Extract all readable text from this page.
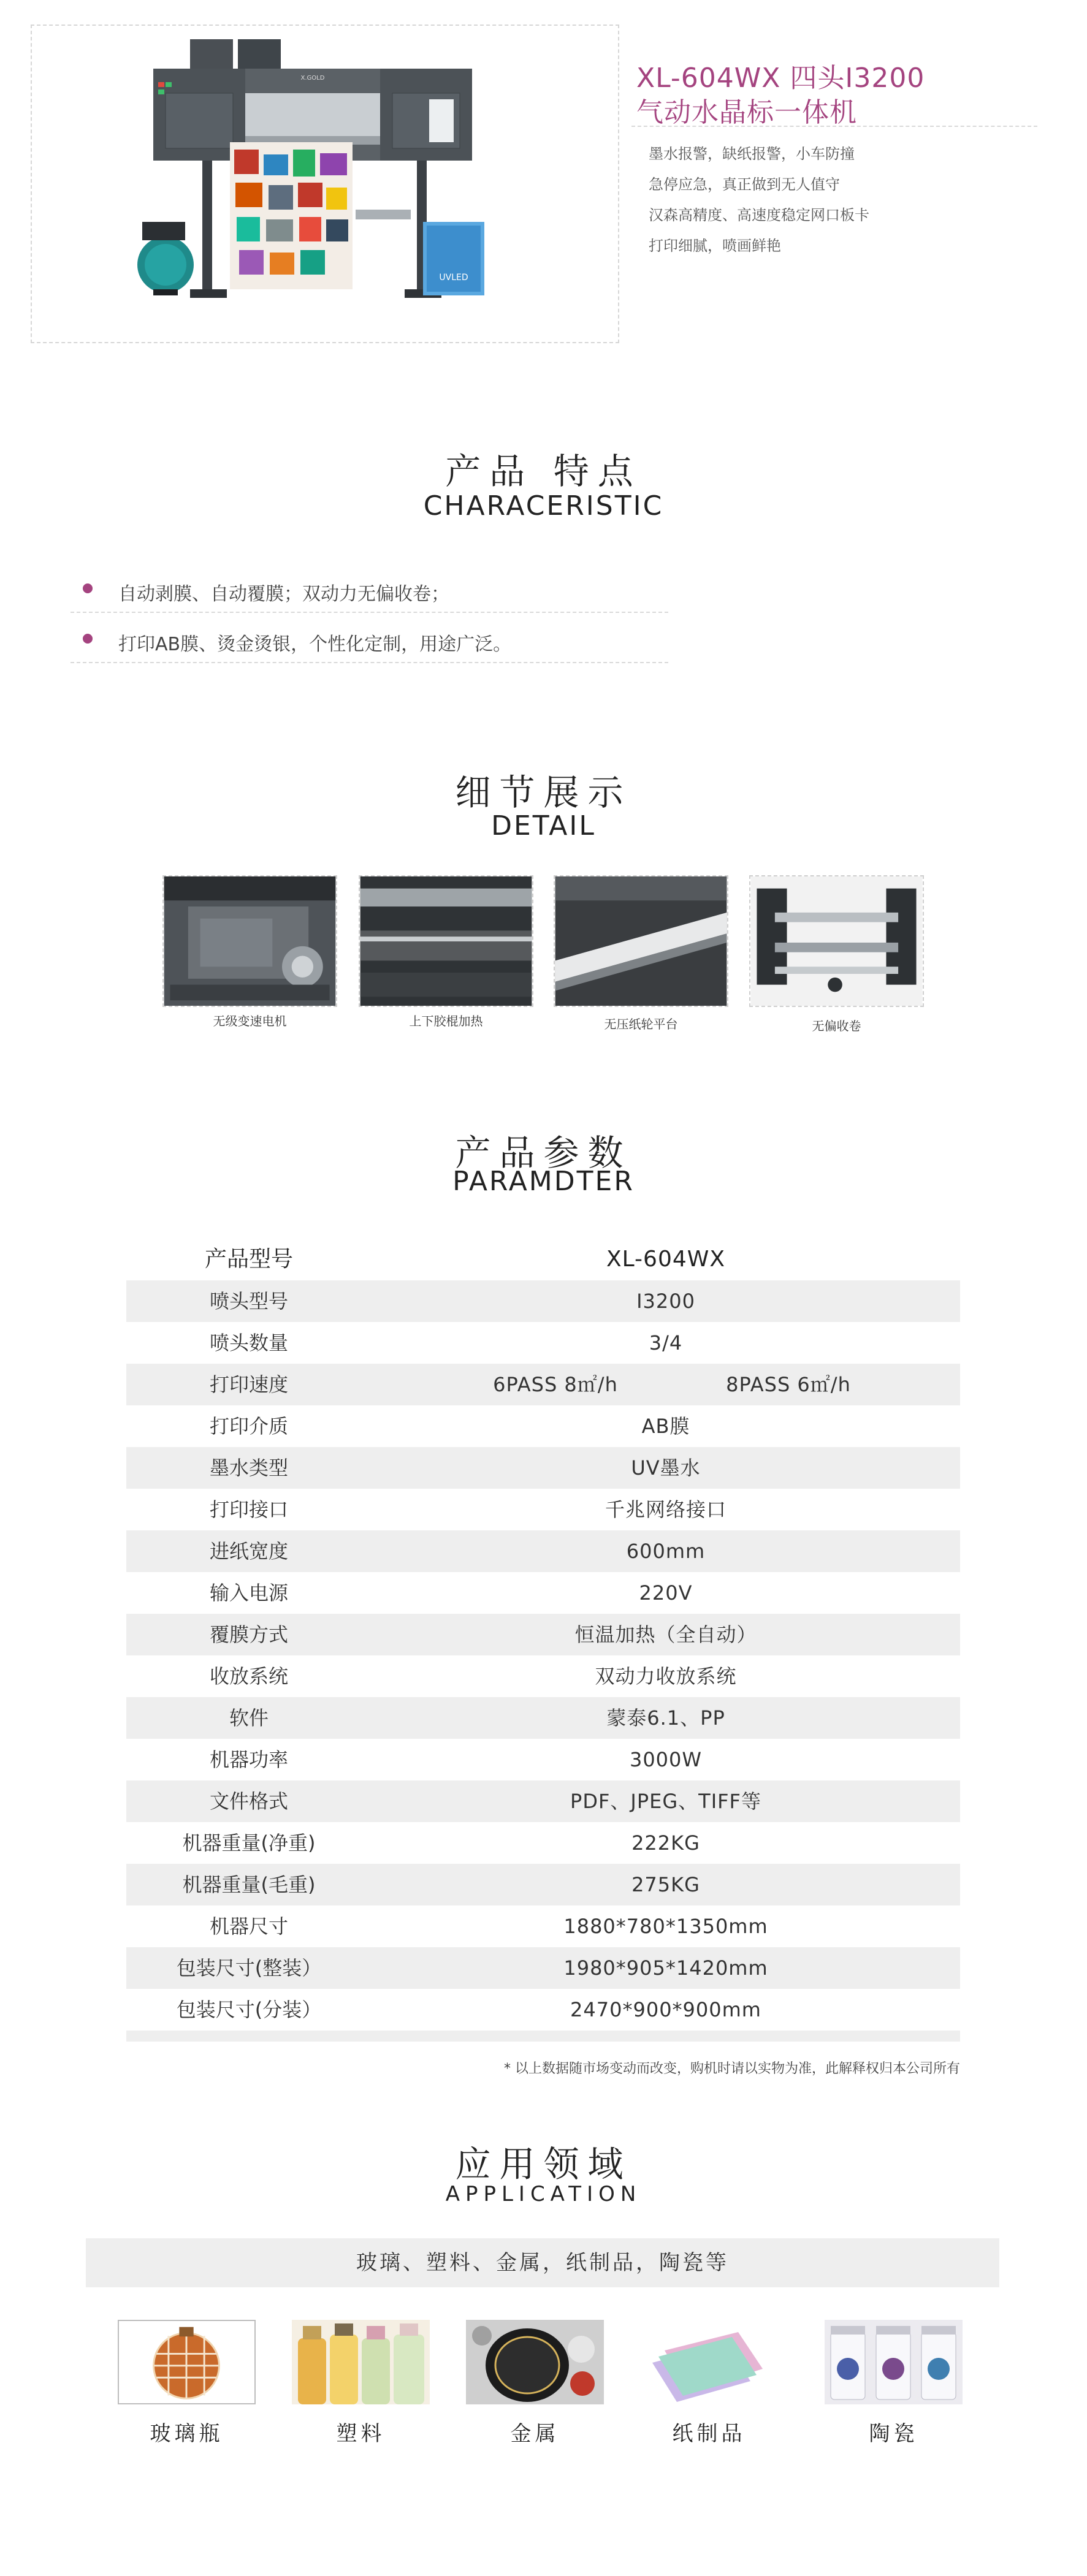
X.GOLD
UVLED
XL-604WX 四头I3200
气动水晶标一体机
墨水报警，缺纸报警，小车防撞
急停应急，真正做到无人值守
汉森高精度、高速度稳定网口板卡
打印细腻，喷画鲜艳
产品 特点
CHARACERISTIC
自动剥膜、自动覆膜；双动力无偏收卷；
打印AB膜、烫金烫银，个性化定制，用途广泛。
细节展示
DETAIL
无级变速电机	上下胶棍加热	无压纸轮平台	无偏收卷
产品参数
PARAMDTER
产品型号	XL-604WX
喷头型号	I3200
喷头数量	3/4
打印速度	6PASS 8㎡/h	8PASS 6㎡/h
打印介质	AB膜
墨水类型	UV墨水
打印接口	千兆网络接口
进纸宽度	600mm
输入电源	220V
覆膜方式	恒温加热（全自动）
收放系统	双动力收放系统
软件	蒙泰6.1、PP
机器功率	3000W
文件格式	PDF、JPEG、TIFF等
机器重量(净重)	222KG
机器重量(毛重)	275KG
机器尺寸	1880*780*1350mm
包装尺寸(整装）	1980*905*1420mm
包装尺寸(分装）	2470*900*900mm
* 以上数据随市场变动而改变，购机时请以实物为准，此解释权归本公司所有
应用领域
APPLICATION
玻璃、塑料、金属，纸制品，陶瓷等
玻璃瓶	塑料	金属	纸制品	陶瓷
